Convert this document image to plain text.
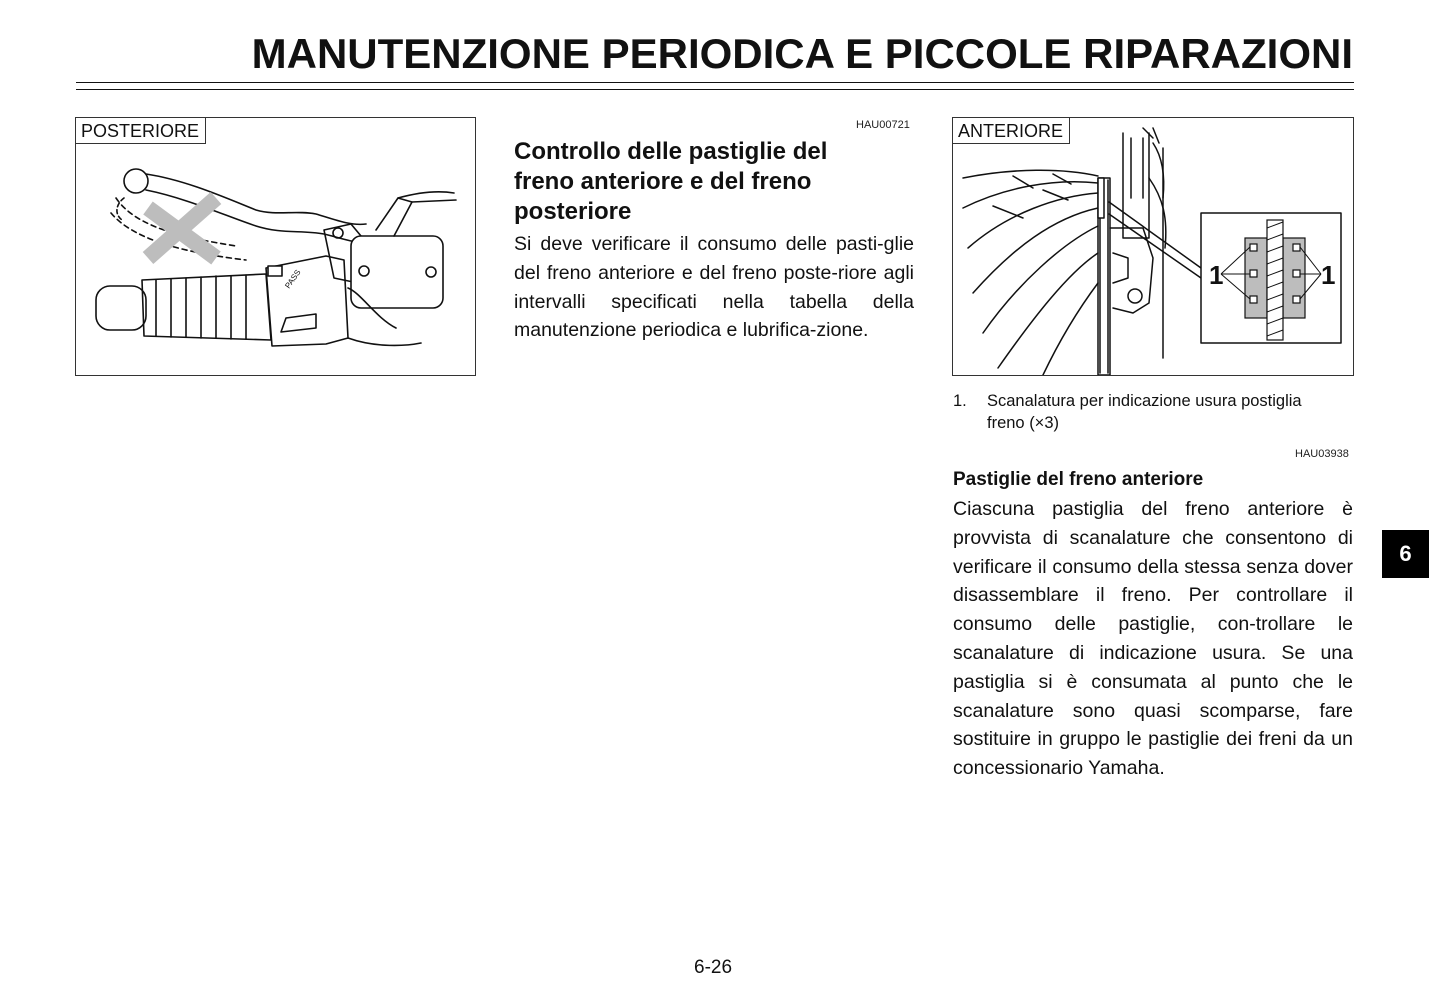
MANUTENZIONE PERIODICA E PICCOLE RIPARAZIONI
POSTERIORE
PASS
HAU00721
Controllo delle pastiglie del
freno anteriore e del freno
posteriore

Si deve verificare il consumo delle pasti-glie del freno anteriore e del freno poste-riore agli intervalli specificati nella tabella della manutenzione periodica e lubrifica-zione.

ANTERIORE
1	1
1. Scanalatura per indicazione usura postiglia freno (×3)
HAU03938
Pastiglie del freno anteriore

Ciascuna pastiglia del freno anteriore è provvista di scanalature che consentono di verificare il consumo della stessa senza dover disassemblare il freno. Per controllare il consumo delle pastiglie, con-trollare le scanalature di indicazione usura. Se una pastiglia si è consumata al punto che le scanalature sono quasi scomparse, fare sostituire in gruppo le pastiglie dei freni da un concessionario Yamaha.

6
6-26
